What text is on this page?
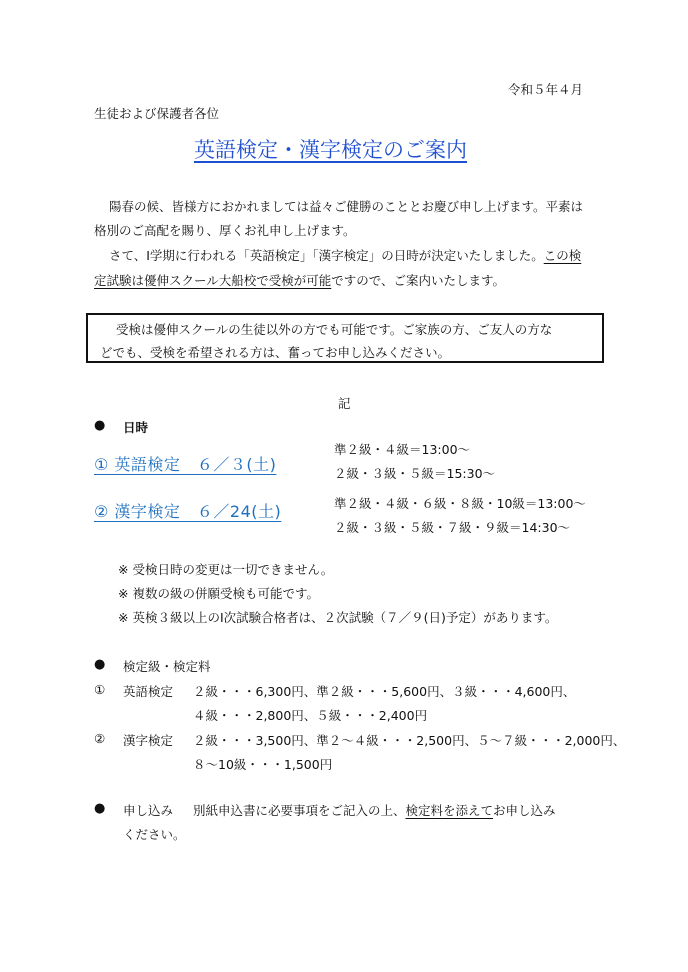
令和５年４月
生徒および保護者各位
英語検定・漢字検定のご案内
陽春の候、皆様方におかれましては益々ご健勝のこととお慶び申し上げます。平素は
格別のご高配を賜り、厚くお礼申し上げます。
さて、Ⅰ学期に行われる「英語検定」「漢字検定」の日時が決定いたしました。この検
定試験は優伸スクール大船校で受検が可能ですので、ご案内いたします。
受検は優伸スクールの生徒以外の方でも可能です。ご家族の方、ご友人の方な
どでも、受検を希望される方は、奮ってお申し込みください。
記
● 日時
① 英語検定　６／３(土)
準２級・４級＝13:00～
２級・３級・５級＝15:30～
② 漢字検定　６／24(土)	準２級・４級・６級・８級・10級＝13:00～
２級・３級・５級・７級・９級＝14:30～
※ 受検日時の変更は一切できません。
※ 複数の級の併願受検も可能です。
※ 英検３級以上のⅠ次試験合格者は、２次試験（７／９(日)予定）があります。
● 検定級・検定料
① 英語検定 ２級・・・6,300円、準２級・・・5,600円、３級・・・4,600円、
４級・・・2,800円、５級・・・2,400円
② 漢字検定 ２級・・・3,500円、準２～４級・・・2,500円、５～７級・・・2,000円、
８～10級・・・1,500円
● 申し込み 別紙申込書に必要事項をご記入の上、検定料を添えてお申し込み
ください。
